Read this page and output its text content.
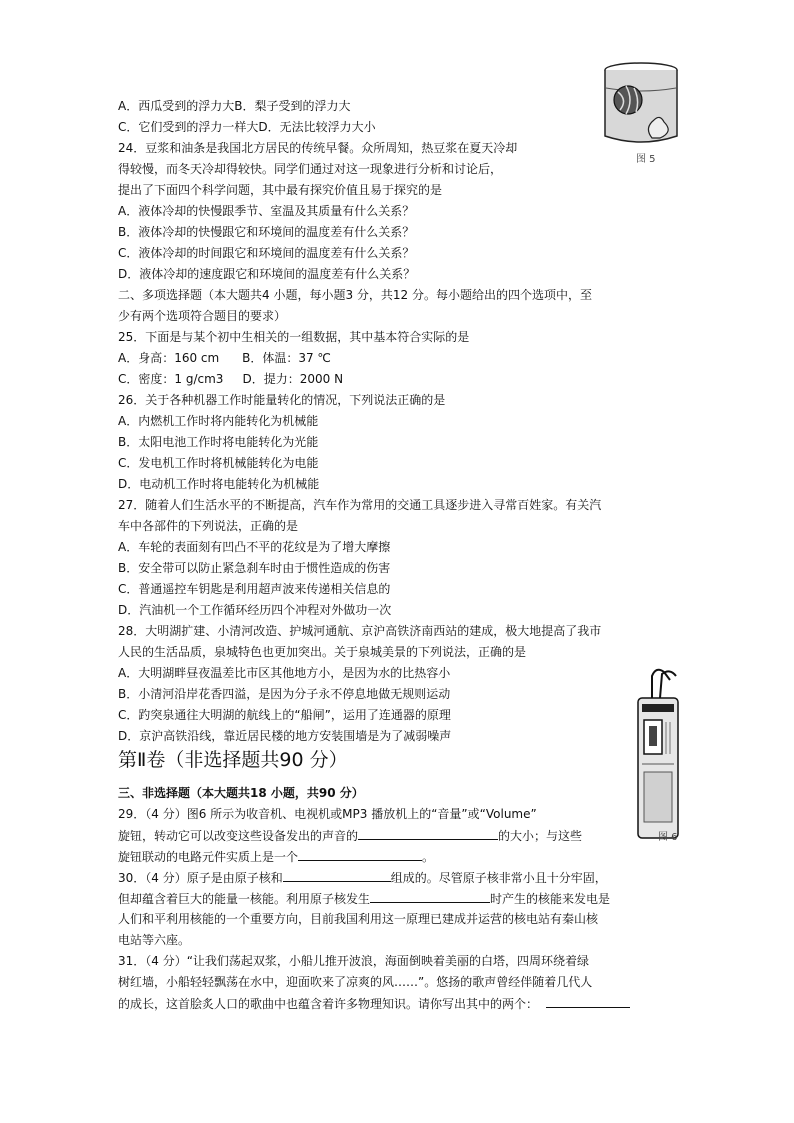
图 5
A．西瓜受到的浮力大B．梨子受到的浮力大
C．它们受到的浮力一样大D．无法比较浮力大小
24．豆浆和油条是我国北方居民的传统早餐。众所周知，热豆浆在夏天冷却
得较慢，而冬天冷却得较快。同学们通过对这一现象进行分析和讨论后，
提出了下面四个科学问题，其中最有探究价值且易于探究的是
A．液体冷却的快慢跟季节、室温及其质量有什么关系？
B．液体冷却的快慢跟它和环境间的温度差有什么关系？
C．液体冷却的时间跟它和环境间的温度差有什么关系？
D．液体冷却的速度跟它和环境间的温度差有什么关系？
二、多项选择题（本大题共4 小题，每小题3 分，共12 分。每小题给出的四个选项中，至
少有两个选项符合题目的要求）
25．下面是与某个初中生相关的一组数据，其中基本符合实际的是
A．身高：160 cm      B．体温：37 ℃
C．密度：1 g/cm3     D．提力：2000 N
26．关于各种机器工作时能量转化的情况，下列说法正确的是
A．内燃机工作时将内能转化为机械能
B．太阳电池工作时将电能转化为光能
C．发电机工作时将机械能转化为电能
D．电动机工作时将电能转化为机械能
27．随着人们生活水平的不断提高，汽车作为常用的交通工具逐步进入寻常百姓家。有关汽
车中各部件的下列说法，正确的是
A．车轮的表面刻有凹凸不平的花纹是为了增大摩擦
B．安全带可以防止紧急刹车时由于惯性造成的伤害
C．普通遥控车钥匙是利用超声波来传递相关信息的
D．汽油机一个工作循环经历四个冲程对外做功一次
28．大明湖扩建、小清河改造、护城河通航、京沪高铁济南西站的建成，极大地提高了我市
人民的生活品质，泉城特色也更加突出。关于泉城美景的下列说法，正确的是
A．大明湖畔昼夜温差比市区其他地方小，是因为水的比热容小
B．小清河沿岸花香四溢，是因为分子永不停息地做无规则运动
C．趵突泉通往大明湖的航线上的“船闸”，运用了连通器的原理
D．京沪高铁沿线，靠近居民楼的地方安装围墙是为了减弱噪声
图 6
第Ⅱ卷（非选择题共90 分）
三、非选择题（本大题共18 小题，共90 分）
29．（4 分）图6 所示为收音机、电视机或MP3 播放机上的“音量”或“Volume”
旋钮，转动它可以改变这些设备发出的声音的	的大小；与这些
旋钮联动的电路元件实质上是一个	。
30．（4 分）原子是由原子核和	组成的。尽管原子核非常小且十分牢固，
但却蕴含着巨大的能量一核能。利用原子核发生	时产生的核能来发电是
人们和平利用核能的一个重要方向，目前我国利用这一原理已建成并运营的核电站有秦山核
电站等六座。
31．（4 分）“让我们荡起双浆，小船儿推开波浪，海面倒映着美丽的白塔，四周环绕着绿
树红墙，小船轻轻飘荡在水中，迎面吹来了凉爽的风……”。悠扬的歌声曾经伴随着几代人
的成长，这首脍炙人口的歌曲中也蕴含着许多物理知识。请你写出其中的两个：
